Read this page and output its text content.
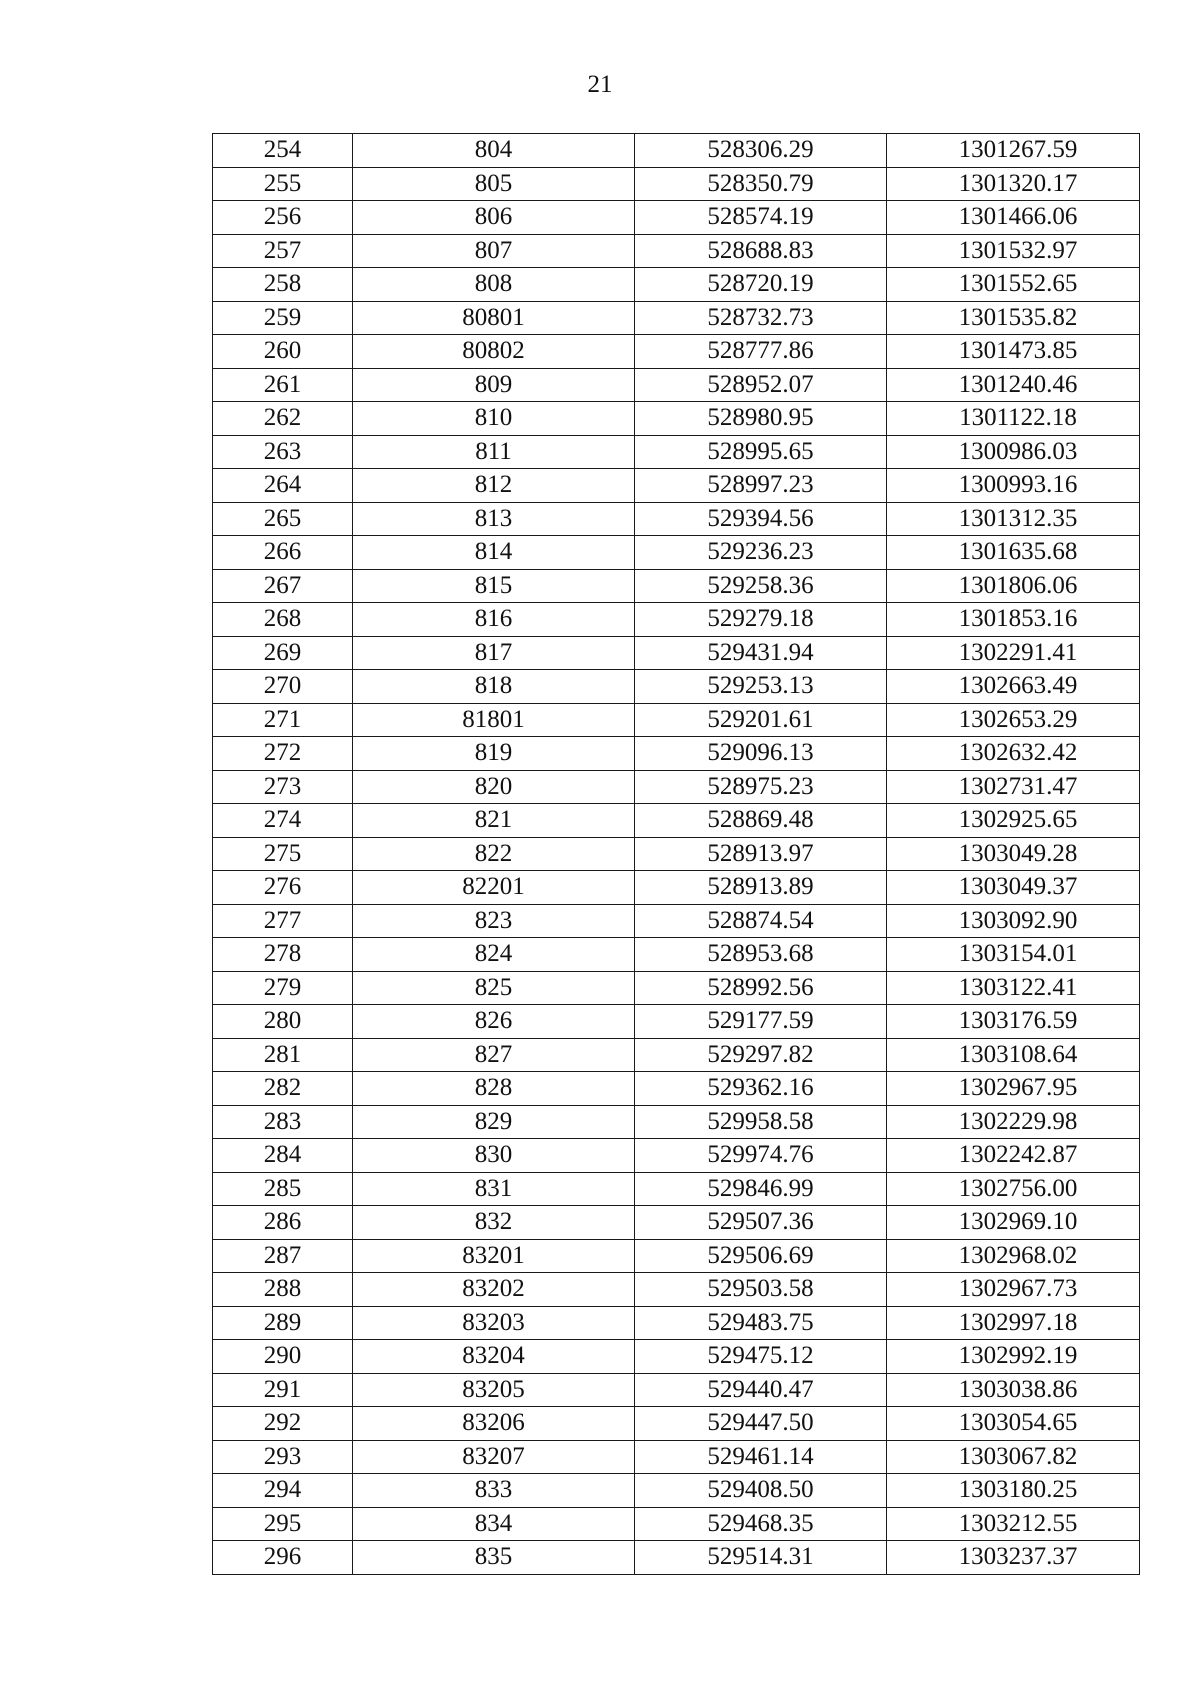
21
254	804	528306.29	1301267.59
255	805	528350.79	1301320.17
256	806	528574.19	1301466.06
257	807	528688.83	1301532.97
258	808	528720.19	1301552.65
259	80801	528732.73	1301535.82
260	80802	528777.86	1301473.85
261	809	528952.07	1301240.46
262	810	528980.95	1301122.18
263	811	528995.65	1300986.03
264	812	528997.23	1300993.16
265	813	529394.56	1301312.35
266	814	529236.23	1301635.68
267	815	529258.36	1301806.06
268	816	529279.18	1301853.16
269	817	529431.94	1302291.41
270	818	529253.13	1302663.49
271	81801	529201.61	1302653.29
272	819	529096.13	1302632.42
273	820	528975.23	1302731.47
274	821	528869.48	1302925.65
275	822	528913.97	1303049.28
276	82201	528913.89	1303049.37
277	823	528874.54	1303092.90
278	824	528953.68	1303154.01
279	825	528992.56	1303122.41
280	826	529177.59	1303176.59
281	827	529297.82	1303108.64
282	828	529362.16	1302967.95
283	829	529958.58	1302229.98
284	830	529974.76	1302242.87
285	831	529846.99	1302756.00
286	832	529507.36	1302969.10
287	83201	529506.69	1302968.02
288	83202	529503.58	1302967.73
289	83203	529483.75	1302997.18
290	83204	529475.12	1302992.19
291	83205	529440.47	1303038.86
292	83206	529447.50	1303054.65
293	83207	529461.14	1303067.82
294	833	529408.50	1303180.25
295	834	529468.35	1303212.55
296	835	529514.31	1303237.37
